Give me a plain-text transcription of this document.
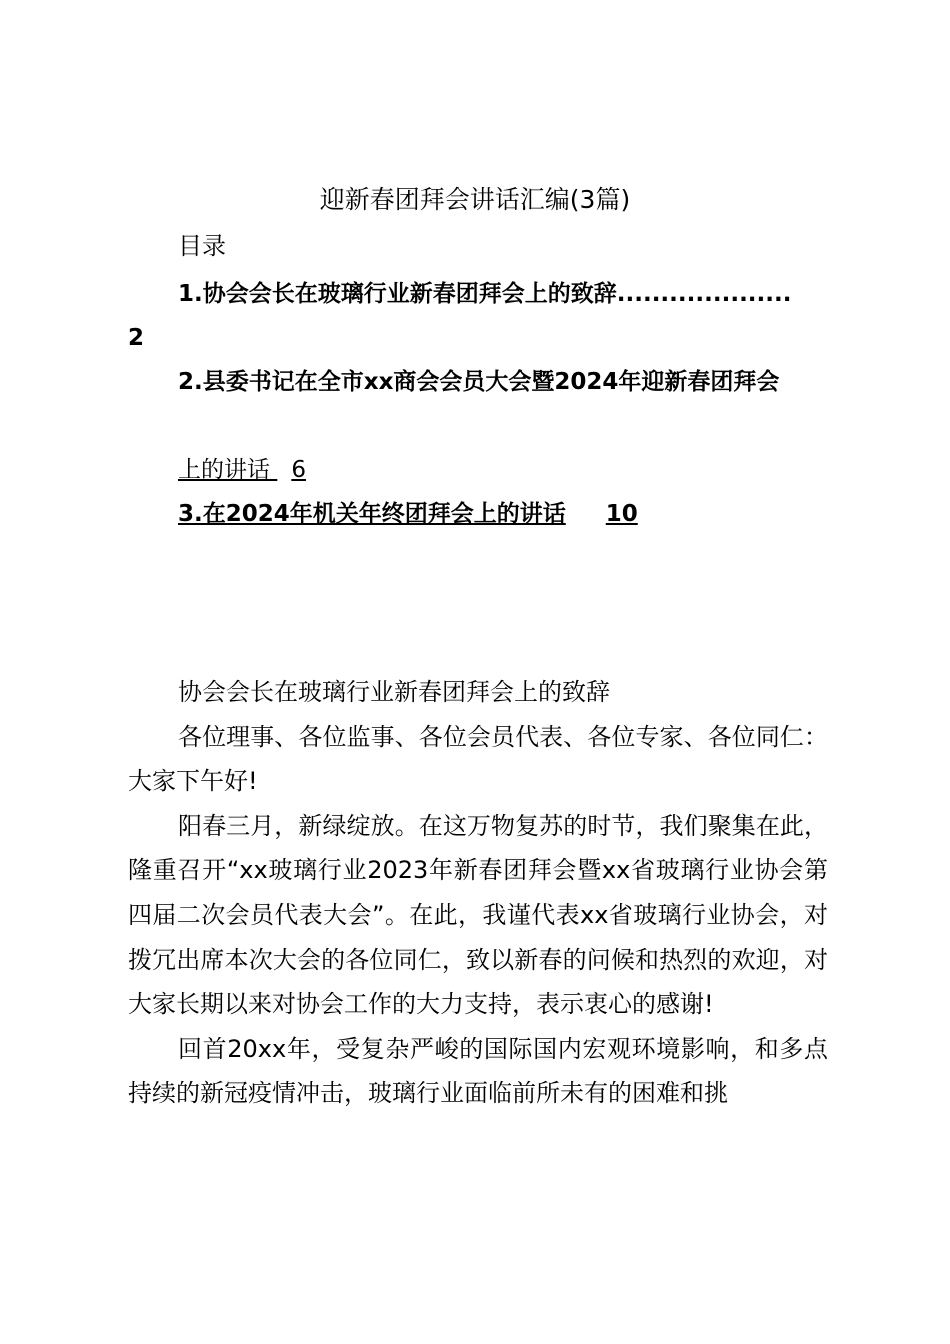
迎新春团拜会讲话汇编(3篇)
目录
1.协会会长在玻璃行业新春团拜会上的致辞....................
2
2.县委书记在全市xx商会会员大会暨2024年迎新春团拜会
上的讲话 6
3.在2024年机关年终团拜会上的讲话 10

协会会长在玻璃行业新春团拜会上的致辞

各位理事、各位监事、各位会员代表、各位专家、各位同仁：大家下午好!

阳春三月，新绿绽放。在这万物复苏的时节，我们聚集在此，隆重召开“xx玻璃行业2023年新春团拜会暨xx省玻璃行业协会第四届二次会员代表大会”。在此，我谨代表xx省玻璃行业协会，对拨冗出席本次大会的各位同仁，致以新春的问候和热烈的欢迎，对大家长期以来对协会工作的大力支持，表示衷心的感谢!

回首20xx年，受复杂严峻的国际国内宏观环境影响，和多点持续的新冠疫情冲击，玻璃行业面临前所未有的困难和挑
